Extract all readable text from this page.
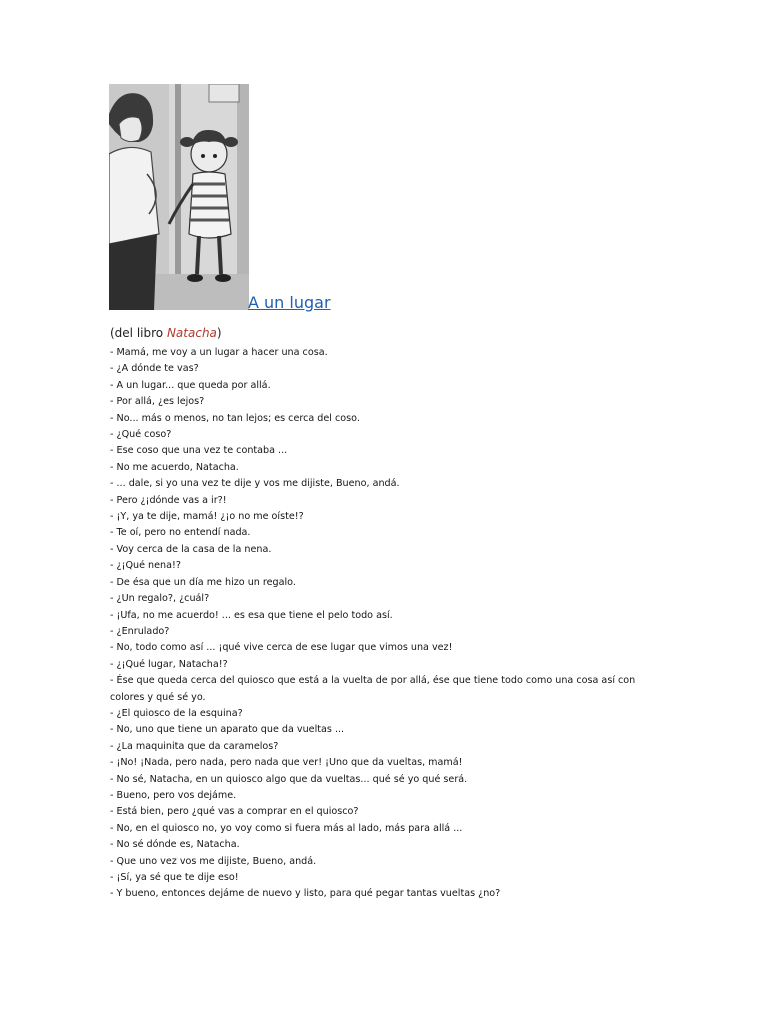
A un lugar
(del libro Natacha)
- Mamá, me voy a un lugar a hacer una cosa.
- ¿A dónde te vas?
- A un lugar... que queda por allá.
- Por allá, ¿es lejos?
- No... más o menos, no tan lejos; es cerca del coso.
- ¿Qué coso?
- Ese coso que una vez te contaba ...
- No me acuerdo, Natacha.
- ... dale, si yo una vez te dije y vos me dijiste, Bueno, andá.
- Pero ¿¡dónde vas a ir?!
- ¡Y, ya te dije, mamá! ¿¡o no me oíste!?
- Te oí, pero no entendí nada.
- Voy cerca de la casa de la nena.
- ¿¡Qué nena!?
- De ésa que un día me hizo un regalo.
- ¿Un regalo?, ¿cuál?
- ¡Ufa, no me acuerdo! ... es esa que tiene el pelo todo así.
- ¿Enrulado?
- No, todo como así ... ¡qué vive cerca de ese lugar que vimos una vez!
- ¿¡Qué lugar, Natacha!?
- Ése que queda cerca del quiosco que está a la vuelta de por allá, ése que tiene todo como una cosa así con colores y qué sé yo.
- ¿El quiosco de la esquina?
- No, uno que tiene un aparato que da vueltas ...
- ¿La maquinita que da caramelos?
- ¡No! ¡Nada, pero nada, pero nada que ver! ¡Uno que da vueltas, mamá!
- No sé, Natacha, en un quiosco algo que da vueltas... qué sé yo qué será.
- Bueno, pero vos dejáme.
- Está bien, pero ¿qué vas a comprar en el quiosco?
- No, en el quiosco no, yo voy como si fuera más al lado, más para allá ...
- No sé dónde es, Natacha.
- Que uno vez vos me dijiste, Bueno, andá.
- ¡Sí, ya sé que te dije eso!
- Y bueno, entonces dejáme de nuevo y listo, para qué pegar tantas vueltas ¿no?
